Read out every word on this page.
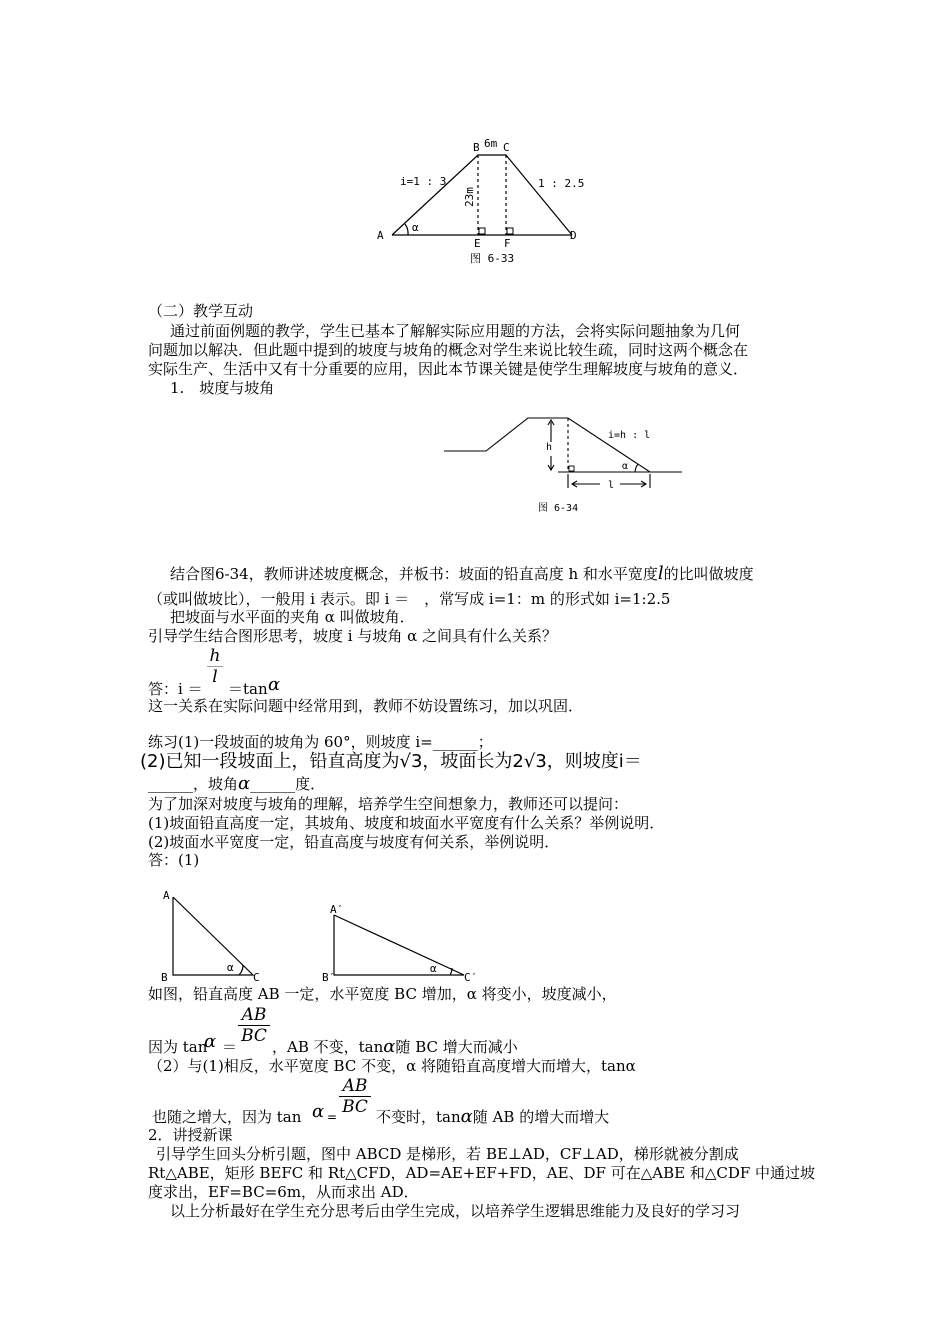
B 6m C
i=1 : 3	1 : 2.5
A
α
E F
D
图 6-33
23m
（二）教学互动
通过前面例题的教学，学生已基本了解解实际应用题的方法，会将实际问题抽象为几何
问题加以解决．但此题中提到的坡度与坡角的概念对学生来说比较生疏，同时这两个概念在
实际生产、生活中又有十分重要的应用，因此本节课关键是使学生理解坡度与坡角的意义．
1.　坡度与坡角
i=h : l
h
α
l
图 6-34
结合图6-34，教师讲述坡度概念，并板书：坡面的铅直高度 h 和水平宽度l的比叫做坡度
（或叫做坡比），一般用 i 表示。即 i ＝　，常写成 i=1：m 的形式如 i=1:2.5
把坡面与水平面的夹角 α 叫做坡角．
引导学生结合图形思考，坡度 i 与坡角 α 之间具有什么关系？
答：i ＝
h
l
＝tan α
这一关系在实际问题中经常用到，教师不妨设置练习，加以巩固．
练习(1)一段坡面的坡角为 60°，则坡度 i=______；
(2)已知一段坡面上，铅直高度为√3，坡面长为2√3，则坡度i＝
______，坡角α______度．
为了加深对坡度与坡角的理解，培养学生空间想象力，教师还可以提问：
(1)坡面铅直高度一定，其坡角、坡度和坡面水平宽度有什么关系？举例说明．
(2)坡面水平宽度一定，铅直高度与坡度有何关系，举例说明．
答：(1)
A
B
α
C
A′
B′
α
C′
如图，铅直高度 AB 一定，水平宽度 BC 增加，α 将变小，坡度减小，
因为 tan
α ＝
AB
BC
，AB 不变，tanα随 BC 增大而减小
（2）与(1)相反，水平宽度 BC 不变，α 将随铅直高度增大而增大，tanα
也随之增大，因为 tan α =
AB
BC 不变时，tanα随 AB 的增大而增大
2．讲授新课
引导学生回头分析引题，图中 ABCD 是梯形，若 BE⊥AD，CF⊥AD，梯形就被分割成
Rt△ABE，矩形 BEFC 和 Rt△CFD，AD=AE+EF+FD，AE、DF 可在△ABE 和△CDF 中通过坡
度求出，EF=BC=6m，从而求出 AD．
以上分析最好在学生充分思考后由学生完成，以培养学生逻辑思维能力及良好的学习习
